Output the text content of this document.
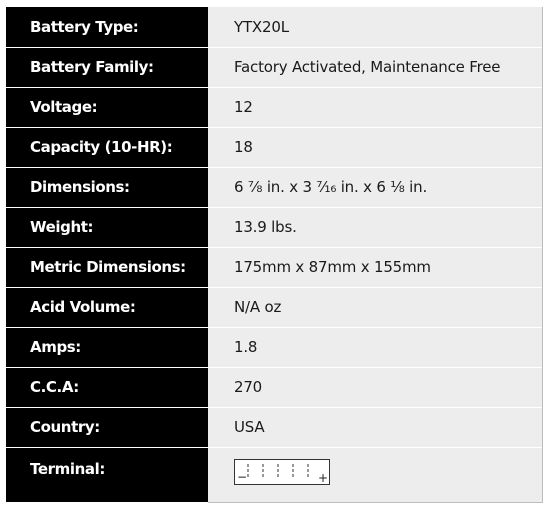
Battery Type:	YTX20L
Battery Family:	Factory Activated, Maintenance Free
Voltage:	12
Capacity (10-HR):	18
Dimensions:	6 ⅞ in. x 3 ⁷⁄₁₆ in. x 6 ⅛ in.
Weight:	13.9 lbs.
Metric Dimensions:	175mm x 87mm x 155mm
Acid Volume:	N/A oz
Amps:	1.8
C.C.A:	270
Country:	USA
Terminal:	− +
